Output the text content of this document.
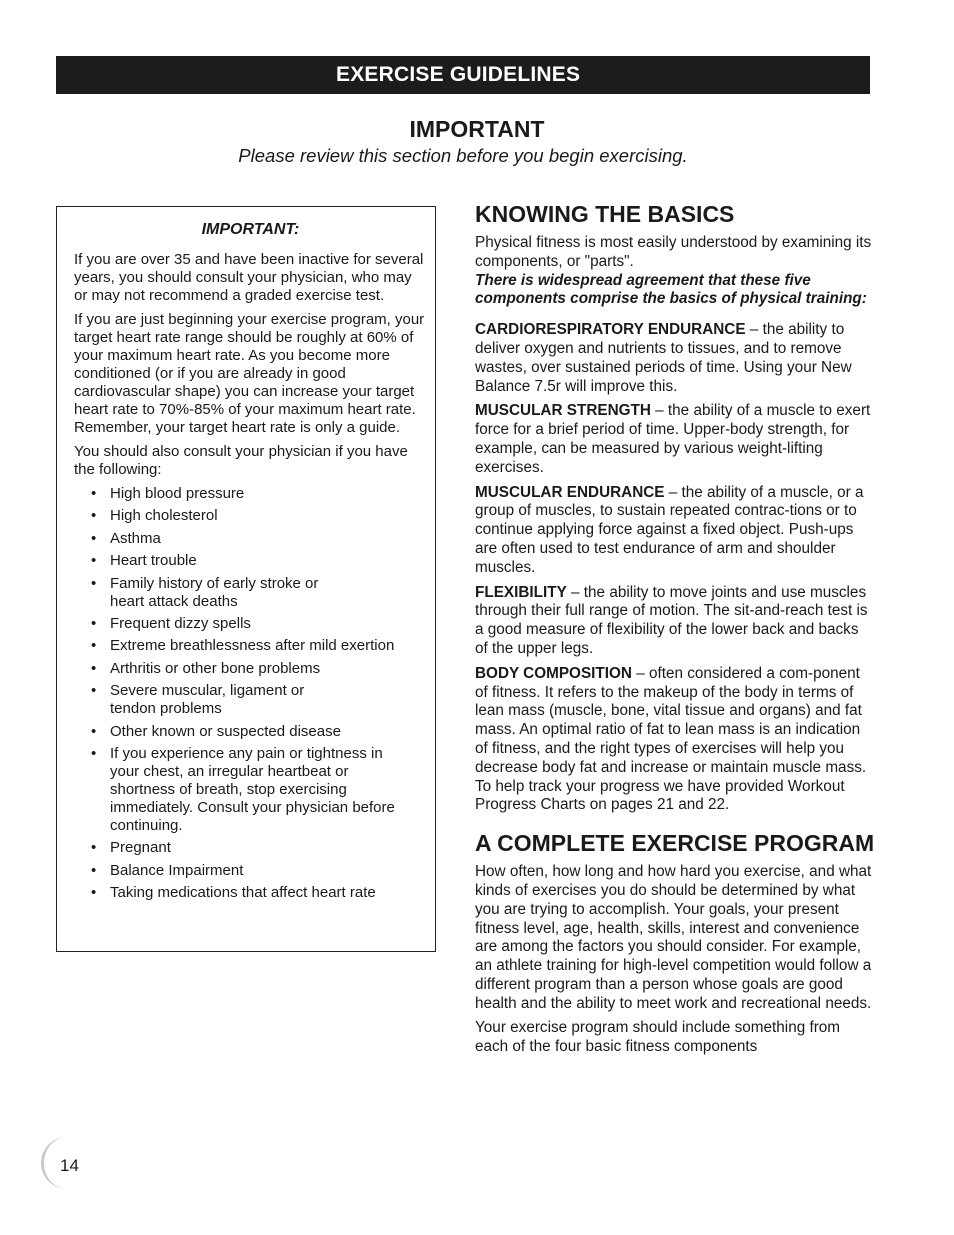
EXERCISE GUIDELINES
IMPORTANT
Please review this section before you begin exercising.
IMPORTANT:

If you are over 35 and have been inactive for several years, you should consult your physician, who may or may not recommend a graded exercise test.

If you are just beginning your exercise program, your target heart rate range should be roughly at 60% of your maximum heart rate. As you become more conditioned (or if you are already in good cardiovascular shape) you can increase your target heart rate to 70%-85% of your maximum heart rate. Remember, your target heart rate is only a guide.

You should also consult your physician if you have the following:

• High blood pressure
• High cholesterol
• Asthma
• Heart trouble
• Family history of early stroke or heart attack deaths
• Frequent dizzy spells
• Extreme breathlessness after mild exertion
• Arthritis or other bone problems
• Severe muscular, ligament or tendon problems
• Other known or suspected disease
• If you experience any pain or tightness in your chest, an irregular heartbeat or shortness of breath, stop exercising immediately. Consult your physician before continuing.
• Pregnant
• Balance Impairment
• Taking medications that affect heart rate
KNOWING THE BASICS

Physical fitness is most easily understood by examining its components, or "parts".
There is widespread agreement that these five components comprise the basics of physical training:

CARDIORESPIRATORY ENDURANCE – the ability to deliver oxygen and nutrients to tissues, and to remove wastes, over sustained periods of time. Using your New Balance 7.5r will improve this.

MUSCULAR STRENGTH – the ability of a muscle to exert force for a brief period of time. Upper-body strength, for example, can be measured by various weight-lifting exercises.

MUSCULAR ENDURANCE – the ability of a muscle, or a group of muscles, to sustain repeated contrac-tions or to continue applying force against a fixed object. Push-ups are often used to test endurance of arm and shoulder muscles.

FLEXIBILITY – the ability to move joints and use muscles through their full range of motion. The sit-and-reach test is a good measure of flexibility of the lower back and backs of the upper legs.

BODY COMPOSITION – often considered a com-ponent of fitness. It refers to the makeup of the body in terms of lean mass (muscle, bone, vital tissue and organs) and fat mass. An optimal ratio of fat to lean mass is an indication of fitness, and the right types of exercises will help you decrease body fat and increase or maintain muscle mass. To help track your progress we have provided Workout Progress Charts on pages 21 and 22.

A COMPLETE EXERCISE PROGRAM

How often, how long and how hard you exercise, and what kinds of exercises you do should be determined by what you are trying to accomplish. Your goals, your present fitness level, age, health, skills, interest and convenience are among the factors you should consider. For example, an athlete training for high-level competition would follow a different program than a person whose goals are good health and the ability to meet work and recreational needs.

Your exercise program should include something from each of the four basic fitness components

14
